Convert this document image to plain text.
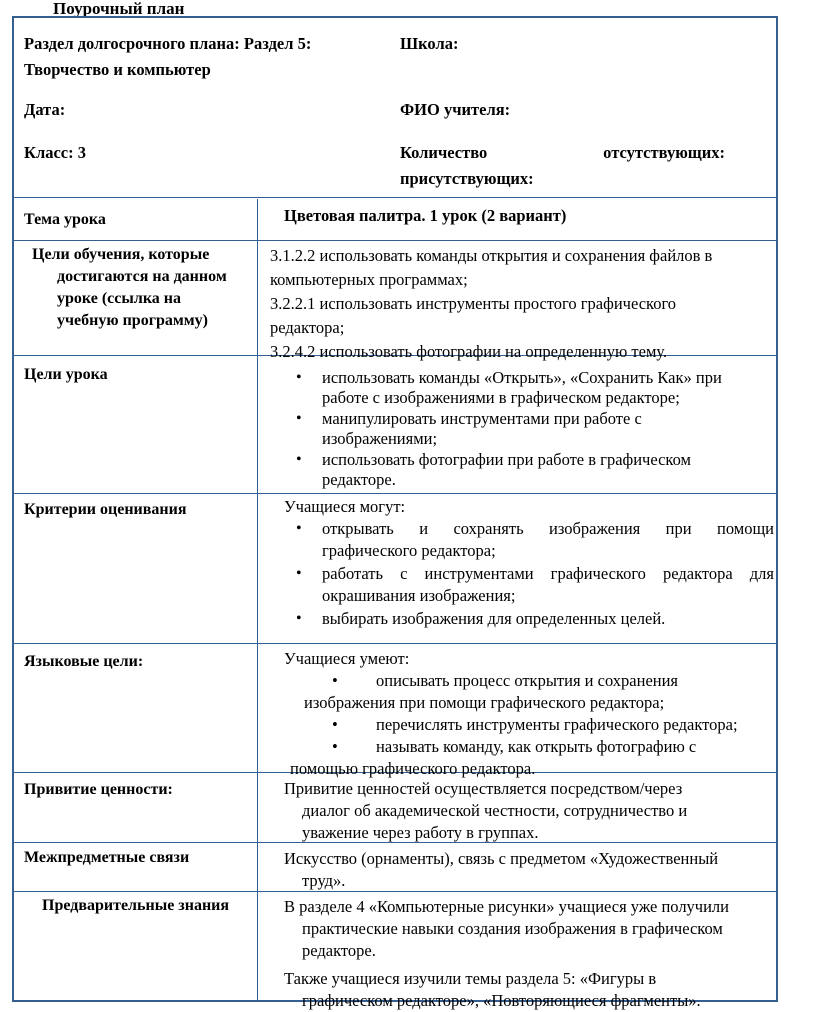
Поурочный план
Раздел долгосрочного плана: Раздел 5:
Творчество и компьютер
Школа:
Дата:	ФИО учителя:
Класс: 3	Количество	отсутствующих:
присутствующих:
Тема урока	Цветовая палитра. 1 урок (2 вариант)
Цели обучения, которые
достигаются на данном
уроке (ссылка на
учебную программу)
3.1.2.2 использовать команды открытия и сохранения файлов в
компьютерных программах;
3.2.2.1 использовать инструменты простого графического
редактора;
3.2.4.2 использовать фотографии на определенную тему.
Цели урока
•	использовать команды «Открыть», «Сохранить Как» при
работе с изображениями в графическом редакторе;
• манипулировать инструментами при работе с
изображениями;
• использовать фотографии при работе в графическом
редакторе.
Критерии оценивания	Учащиеся могут:
• открывать и сохранять изображения при помощи
графического редактора;
• работать с инструментами графического редактора для
окрашивания изображения;
• выбирать изображения для определенных целей.
Языковые цели:	Учащиеся умеют:
• описывать процесс открытия и сохранения
изображения при помощи графического редактора;
• перечислять инструменты графического редактора;
• называть команду, как открыть фотографию с
помощью графического редактора.
Привитие ценности:	Привитие ценностей осуществляется посредством/через
диалог об академической честности, сотрудничество и
уважение через работу в группах.
Межпредметные связи	Искусство (орнаменты), связь с предметом «Художественный
труд».
Предварительные знания	В разделе 4 «Компьютерные рисунки» учащиеся уже получили
практические навыки создания изображения в графическом
редакторе.
Также учащиеся изучили темы раздела 5: «Фигуры в
графическом редакторе», «Повторяющиеся фрагменты».
